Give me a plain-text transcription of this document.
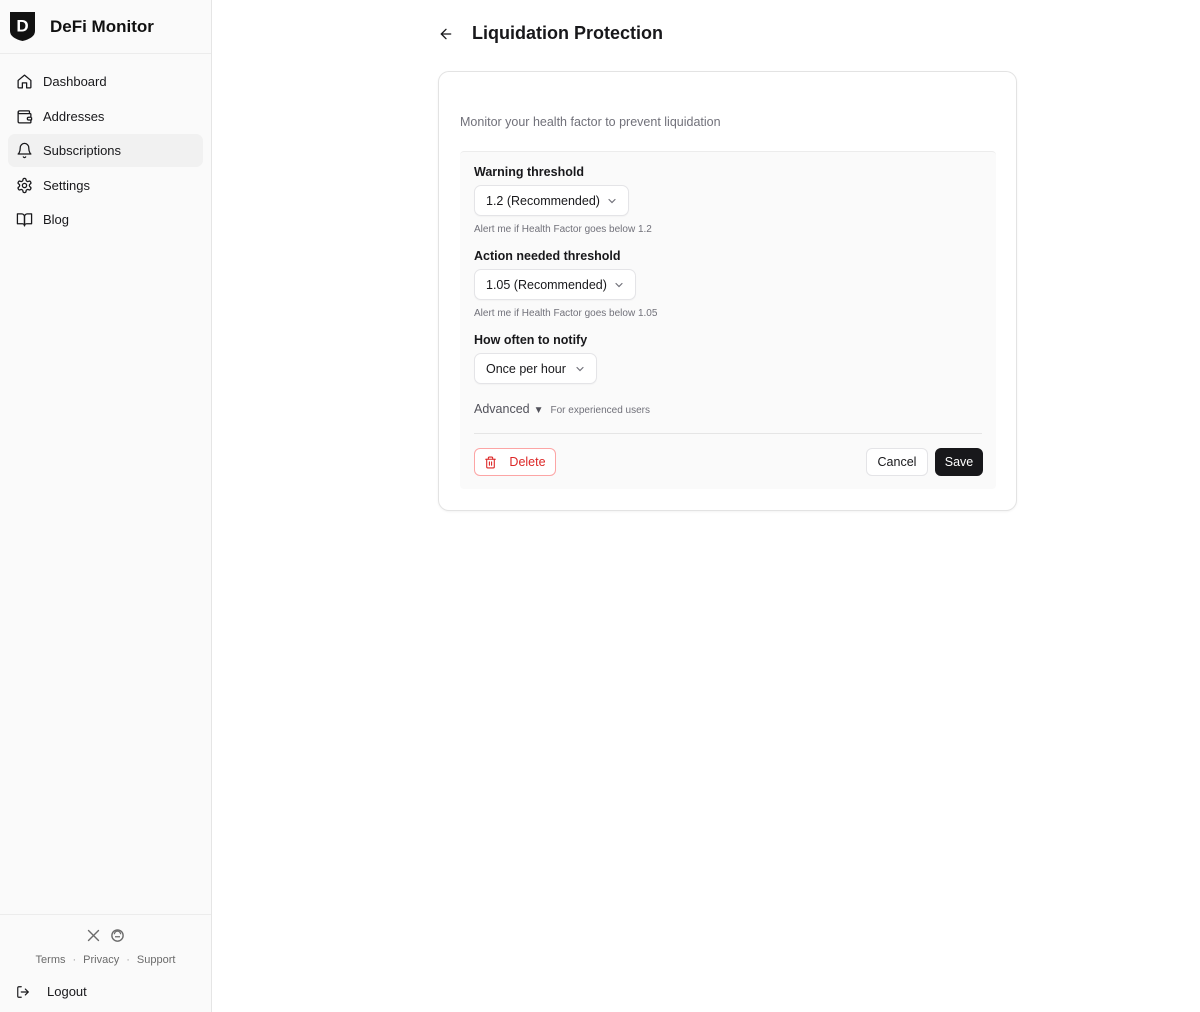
D DeFi Monitor
Dashboard
Addresses
Subscriptions
Settings
Blog
Terms · Privacy · Support
Logout
Liquidation Protection

Monitor your health factor to prevent liquidation

Warning threshold
1.2 (Recommended)
Alert me if Health Factor goes below 1.2
Action needed threshold
1.05 (Recommended)
Alert me if Health Factor goes below 1.05
How often to notify
Once per hour
Advanced ▼ For experienced users
Delete	Cancel	Save
